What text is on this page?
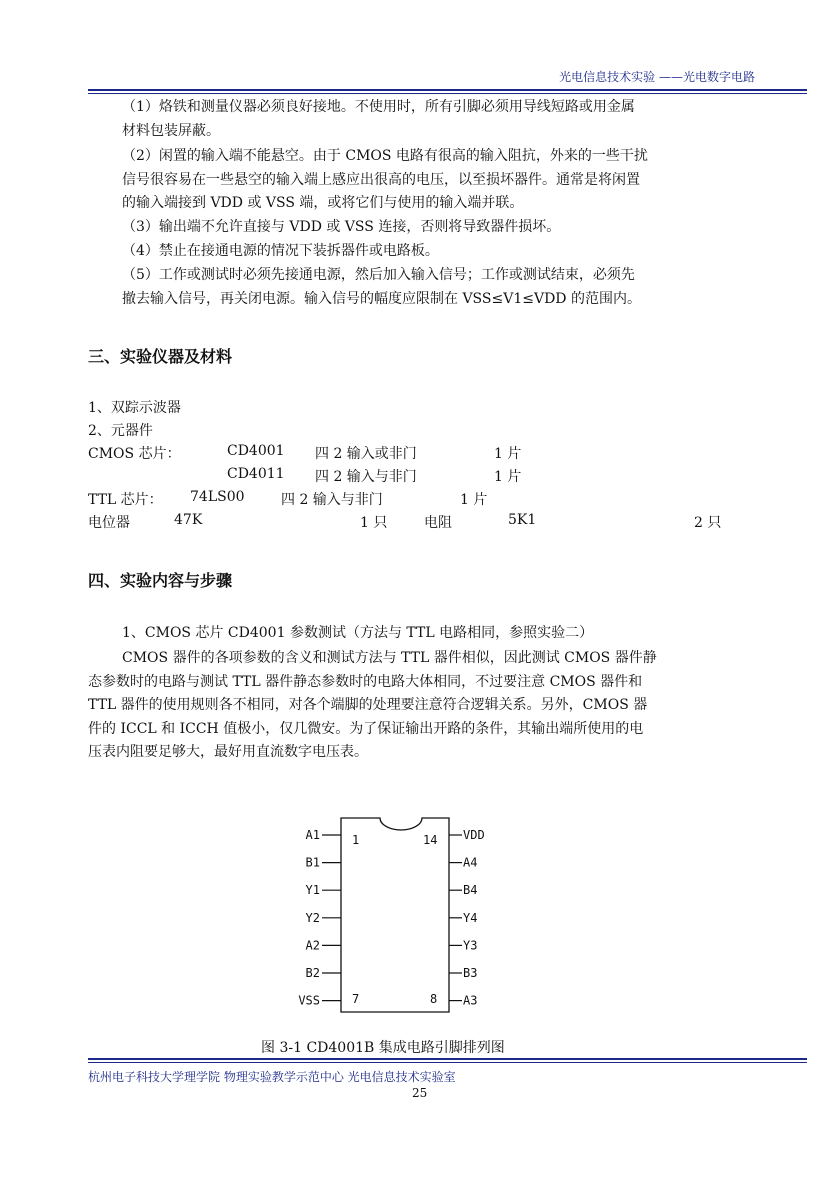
光电信息技术实验 ——光电数字电路
（1）烙铁和测量仪器必须良好接地。不使用时，所有引脚必须用导线短路或用金属
材料包装屏蔽。
（2）闲置的输入端不能悬空。由于 CMOS 电路有很高的输入阻抗，外来的一些干扰
信号很容易在一些悬空的输入端上感应出很高的电压，以至损坏器件。通常是将闲置
的输入端接到 VDD 或 VSS 端，或将它们与使用的输入端并联。
（3）输出端不允许直接与 VDD 或 VSS 连接，否则将导致器件损坏。
（4）禁止在接通电源的情况下装拆器件或电路板。
（5）工作或测试时必须先接通电源，然后加入输入信号；工作或测试结束，必须先
撤去输入信号，再关闭电源。输入信号的幅度应限制在 VSS≤V1≤VDD 的范围内。
三、实验仪器及材料
1、双踪示波器
2、元器件
CMOS 芯片：	CD4001 四 2 输入或非门	1 片
CD4011 四 2 输入与非门	1 片
TTL 芯片： 74LS00	四 2 输入与非门	1 片
电位器	47K	1 只	电阻	5K1	2 只
四、实验内容与步骤
1、CMOS 芯片 CD4001 参数测试（方法与 TTL 电路相同，参照实验二）
CMOS 器件的各项参数的含义和测试方法与 TTL 器件相似，因此测试 CMOS 器件静
态参数时的电路与测试 TTL 器件静态参数时的电路大体相同，不过要注意 CMOS 器件和
TTL 器件的使用规则各不相同，对各个端脚的处理要注意符合逻辑关系。另外，CMOS 器
件的 ICCL 和 ICCH 值极小，仅几微安。为了保证输出开路的条件，其输出端所使用的电
压表内阻要足够大，最好用直流数字电压表。
A1
B1
Y1
Y2
A2
B2
VSS
VDD
A4
B4
Y4
Y3
B3
A3
1	14
7	8
图 3-1 CD4001B 集成电路引脚排列图
杭州电子科技大学理学院 物理实验教学示范中心 光电信息技术实验室
25
